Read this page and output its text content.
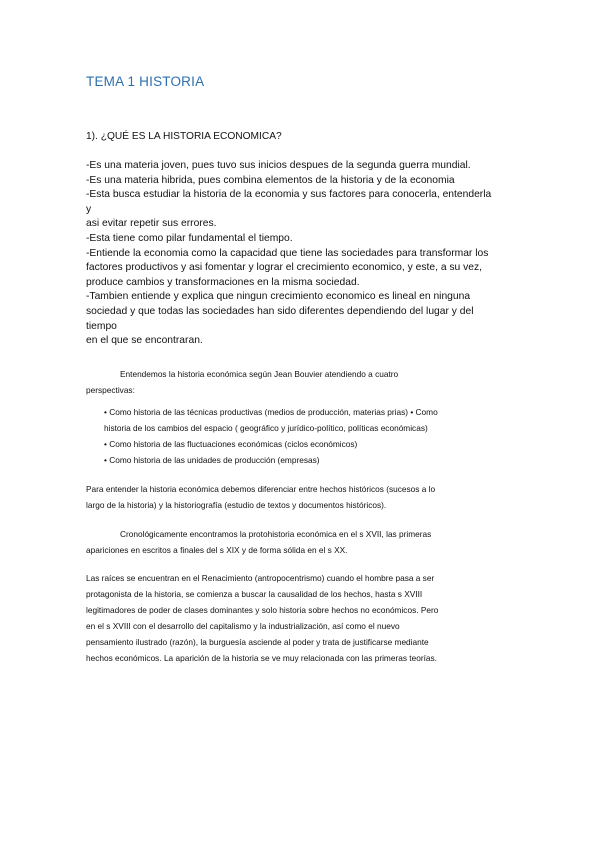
TEMA 1 HISTORIA
1). ¿QUÉ ES LA HISTORIA ECONOMICA?
-Es una materia joven, pues tuvo sus inicios despues de la segunda guerra mundial.
-Es una materia hibrida, pues combina elementos de la historia y de la economia
-Esta busca estudiar la historia de la economia y sus factores para conocerla, entenderla
y
asi evitar repetir sus errores.
-Esta tiene como pilar fundamental el tiempo.
-Entiende la economia como la capacidad que tiene las sociedades para transformar los
factores productivos y asi fomentar y lograr el crecimiento economico, y este, a su vez,
produce cambios y transformaciones en la misma sociedad.
-Tambien entiende y explica que ningun crecimiento economico es lineal en ninguna
sociedad y que todas las sociedades han sido diferentes dependiendo del lugar y del
tiempo
en el que se encontraran.
Entendemos la historia económica según Jean Bouvier atendiendo a cuatro
perspectivas:
• Como historia de las técnicas productivas (medios de producción, materias prias) • Como
historia de los cambios del espacio ( geográfico y jurídico-político, políticas económicas)
• Como historia de las fluctuaciones económicas (ciclos económicos)
• Como historia de las unidades de producción (empresas)
Para entender la historia económica debemos diferenciar entre hechos históricos (sucesos a lo
largo de la historia) y la historiografía (estudio de textos y documentos históricos).
Cronológicamente encontramos la protohistoria económica en el s XVII, las primeras
apariciones en escritos a finales del s XIX y de forma sólida en el s XX.
Las raíces se encuentran en el Renacimiento (antropocentrismo) cuando el hombre pasa a ser
protagonista de la historia, se comienza a buscar la causalidad de los hechos, hasta s XVIII
legitimadores de poder de clases dominantes y solo historia sobre hechos no económicos. Pero
en el s XVIII con el desarrollo del capitalismo y la industrialización, así como el nuevo
pensamiento ilustrado (razón), la burguesía asciende al poder y trata de justificarse mediante
hechos económicos. La aparición de la historia se ve muy relacionada con las primeras teorías.
